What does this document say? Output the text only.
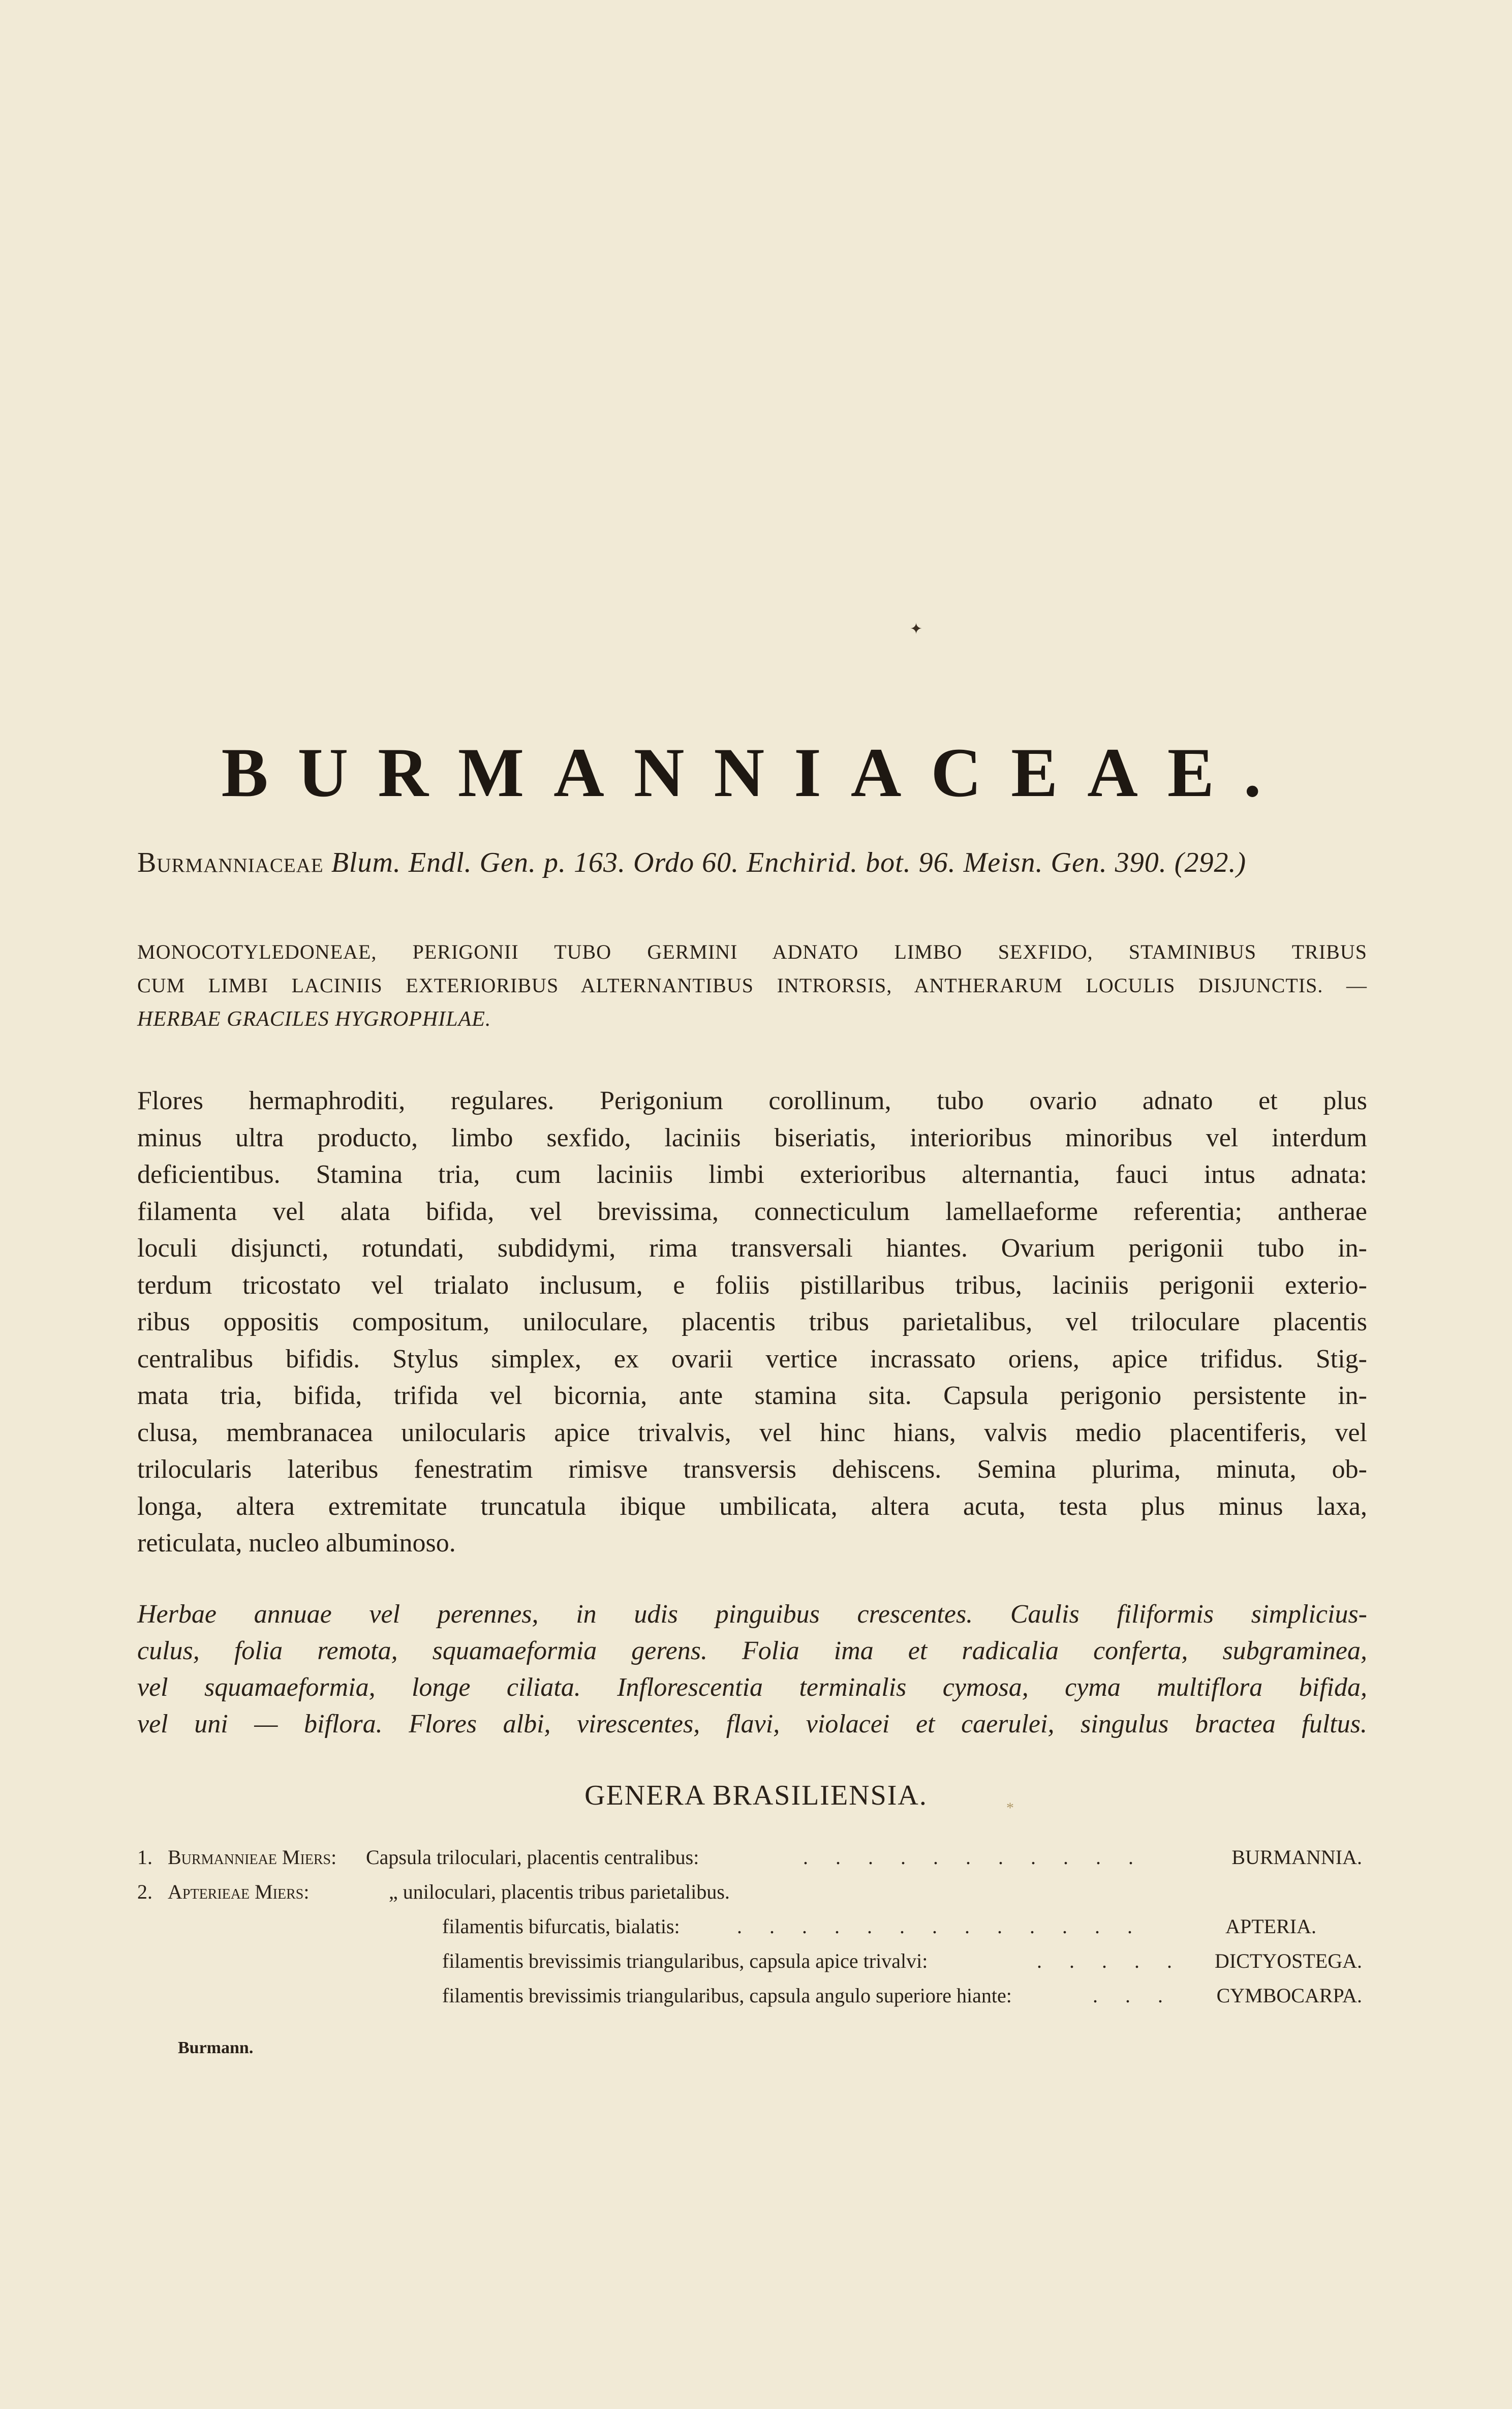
BURMANNIACEAE.
Burmanniaceae Blum. Endl. Gen. p. 163. Ordo 60. Enchirid. bot. 96. Meisn. Gen. 390. (292.)
MONOCOTYLEDONEAE, PERIGONII TUBO GERMINI ADNATO LIMBO SEXFIDO, STAMINIBUS TRIBUS
CUM LIMBI LACINIIS EXTERIORIBUS ALTERNANTIBUS INTRORSIS, ANTHERARUM LOCULIS DISJUNCTIS. —
HERBAE GRACILES HYGROPHILAE.
Flores hermaphroditi, regulares. Perigonium corollinum, tubo ovario adnato et plus
minus ultra producto, limbo sexfido, laciniis biseriatis, interioribus minoribus vel interdum
deficientibus. Stamina tria, cum laciniis limbi exterioribus alternantia, fauci intus adnata:
filamenta vel alata bifida, vel brevissima, connecticulum lamellaeforme referentia; antherae
loculi disjuncti, rotundati, subdidymi, rima transversali hiantes. Ovarium perigonii tubo in-
terdum tricostato vel trialato inclusum, e foliis pistillaribus tribus, laciniis perigonii exterio-
ribus oppositis compositum, uniloculare, placentis tribus parietalibus, vel triloculare placentis
centralibus bifidis. Stylus simplex, ex ovarii vertice incrassato oriens, apice trifidus. Stig-
mata tria, bifida, trifida vel bicornia, ante stamina sita. Capsula perigonio persistente in-
clusa, membranacea unilocularis apice trivalvis, vel hinc hians, valvis medio placentiferis, vel
trilocularis lateribus fenestratim rimisve transversis dehiscens. Semina plurima, minuta, ob-
longa, altera extremitate truncatula ibique umbilicata, altera acuta, testa plus minus laxa,
reticulata, nucleo albuminoso.
Herbae annuae vel perennes, in udis pinguibus crescentes. Caulis filiformis simplicius-
culus, folia remota, squamaeformia gerens. Folia ima et radicalia conferta, subgraminea,
vel squamaeformia, longe ciliata. Inflorescentia terminalis cymosa, cyma multiflora bifida,
vel uni — biflora. Flores albi, virescentes, flavi, violacei et caerulei, singulus bractea fultus.
GENERA BRASILIENSIA.
1. Burmannieae Miers: Capsula triloculari, placentis centralibus:	. . . . . . . . . . .	BURMANNIA.
2. Apterieae Miers:	„ uniloculari, placentis tribus parietalibus.
filamentis bifurcatis, bialatis:	. . . . . . . . . . . . .	APTERIA.
filamentis brevissimis triangularibus, capsula apice trivalvi:	. . . . . DICTYOSTEGA.
filamentis brevissimis triangularibus, capsula angulo superiore hiante:	. . . CYMBOCARPA.
Burmann.
✦
*
